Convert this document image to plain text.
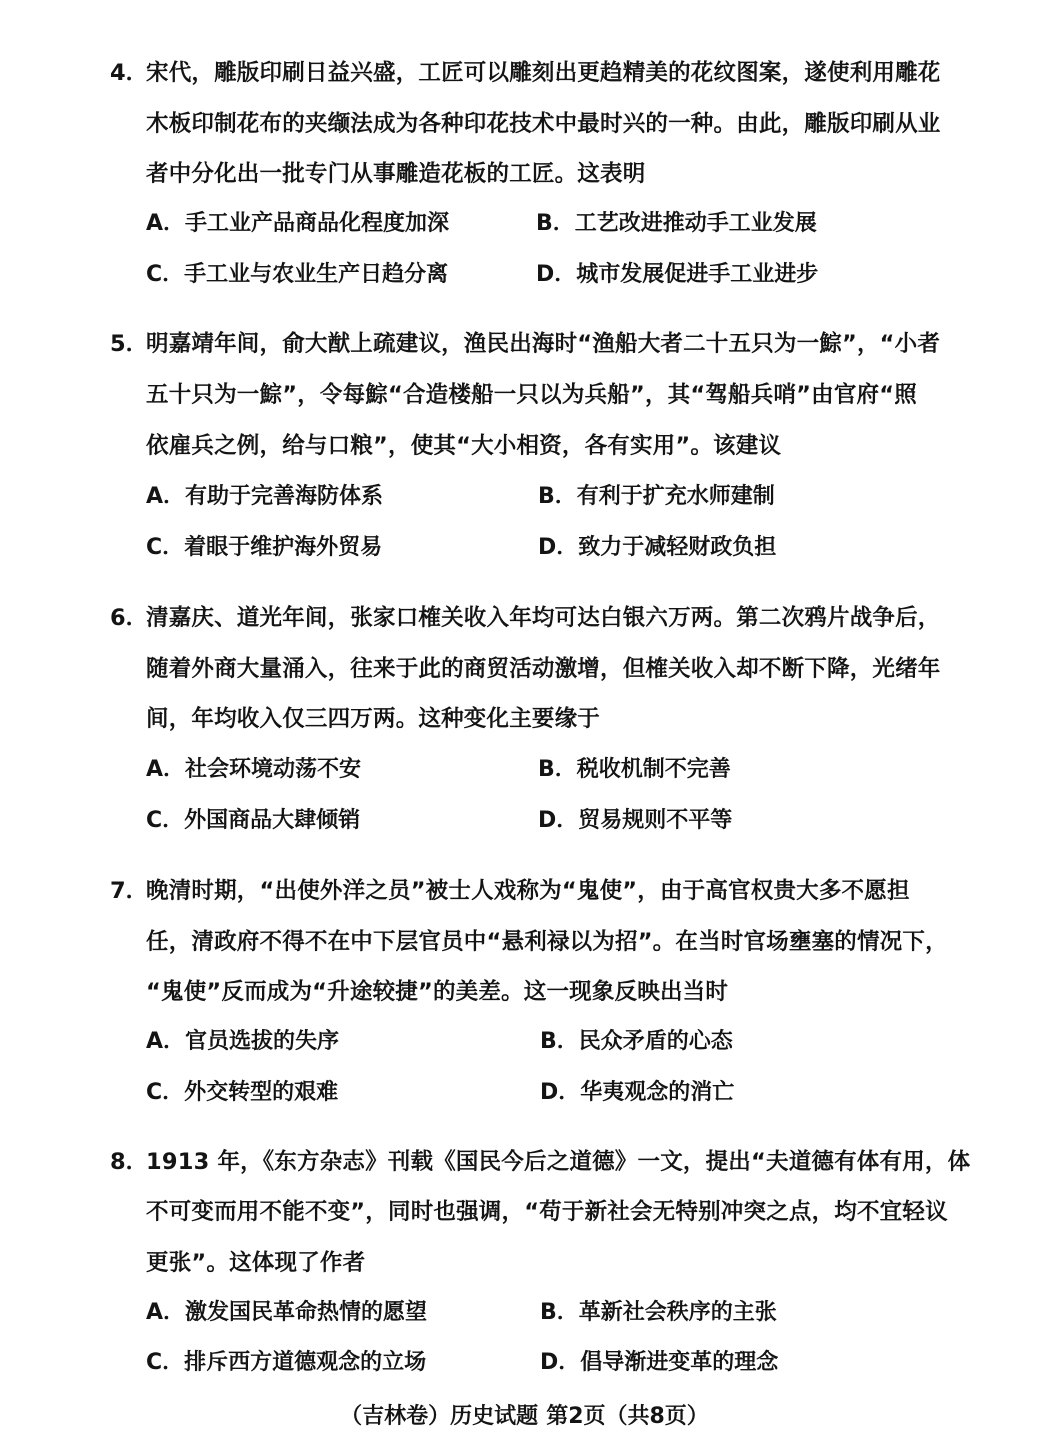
4．
宋代，雕版印刷日益兴盛，工匠可以雕刻出更趋精美的花纹图案，遂使利用雕花
木板印制花布的夹缬法成为各种印花技术中最时兴的一种。由此，雕版印刷从业
者中分化出一批专门从事雕造花板的工匠。这表明
A．手工业产品商品化程度加深	B．工艺改进推动手工业发展
C．手工业与农业生产日趋分离	D．城市发展促进手工业进步
5．
明嘉靖年间，俞大猷上疏建议，渔民出海时“渔船大者二十五只为一鯮”，“小者
五十只为一鯮”，令每鯮“合造楼船一只以为兵船”，其“驾船兵哨”由官府“照
依雇兵之例，给与口粮”，使其“大小相资，各有实用”。该建议
A．有助于完善海防体系	B．有利于扩充水师建制
C．着眼于维护海外贸易	D．致力于减轻财政负担
6．
清嘉庆、道光年间，张家口榷关收入年均可达白银六万两。第二次鸦片战争后，
随着外商大量涌入，往来于此的商贸活动激增，但榷关收入却不断下降，光绪年
间，年均收入仅三四万两。这种变化主要缘于
A．社会环境动荡不安	B．税收机制不完善
C．外国商品大肆倾销	D．贸易规则不平等
7．
晚清时期，“出使外洋之员”被士人戏称为“鬼使”，由于高官权贵大多不愿担
任，清政府不得不在中下层官员中“悬利禄以为招”。在当时官场壅塞的情况下，
“鬼使”反而成为“升途较捷”的美差。这一现象反映出当时
A．官员选拔的失序	B．民众矛盾的心态
C．外交转型的艰难	D．华夷观念的消亡
8．
1913 年，《东方杂志》刊载《国民今后之道德》一文，提出“夫道德有体有用，体
不可变而用不能不变”，同时也强调，“苟于新社会无特别冲突之点，均不宜轻议
更张”。这体现了作者
A．激发国民革命热情的愿望	B．革新社会秩序的主张
C．排斥西方道德观念的立场	D．倡导渐进变革的理念
（吉林卷）历史试题 第2页（共8页）
